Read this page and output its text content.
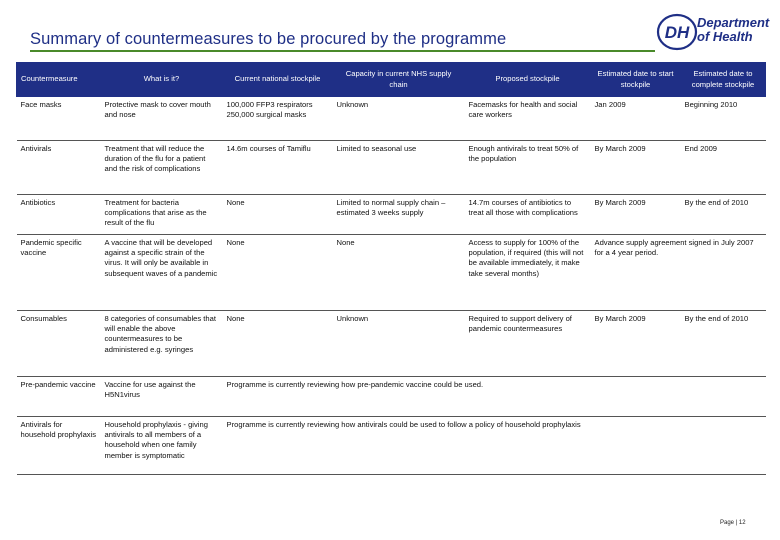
Summary of countermeasures to be procured by the programme	DH
Department
of Health
Countermeasure	What is it?	Current national stockpile	Capacity in current NHS supply chain	Proposed stockpile	Estimated date to start stockpile	Estimated date to complete stockpile
Face masks	Protective mask to cover mouth and nose	100,000 FFP3 respirators 250,000 surgical masks	Unknown	Facemasks for health and social care workers	Jan 2009	Beginning 2010
Antivirals	Treatment that will reduce the duration of the flu for a patient and the risk of complications	14.6m courses of Tamiflu	Limited to seasonal use	Enough antivirals to treat 50% of the population	By March 2009	End 2009
Antibiotics	Treatment for bacteria complications that arise as the result of the flu	None	Limited to normal supply chain –estimated 3 weeks supply	14.7m courses of antibiotics to treat all those with complications	By March 2009	By the end of 2010
Pandemic specific vaccine	A vaccine that will be developed against a specific strain of the virus. It will only be available in subsequent waves of a pandemic	None	None	Access to supply for 100% of the population, if required (this will not be available immediately, it make take several months)	Advance supply agreement signed in July 2007 for a 4 year period.	
Consumables	8 categories of consumables that will enable the above countermeasures to be administered e.g. syringes	None	Unknown	Required to support delivery of pandemic countermeasures	By March 2009	By the end of 2010
Pre-pandemic vaccine	Vaccine for use against the H5N1virus	Programme is currently reviewing how pre-pandemic vaccine could be used.				
Antivirals for household prophylaxis	Household prophylaxis - giving antivirals to all members of a household when one family member is symptomatic	Programme is currently reviewing how antivirals could be used to follow a policy of household prophylaxis				
Page | 12
